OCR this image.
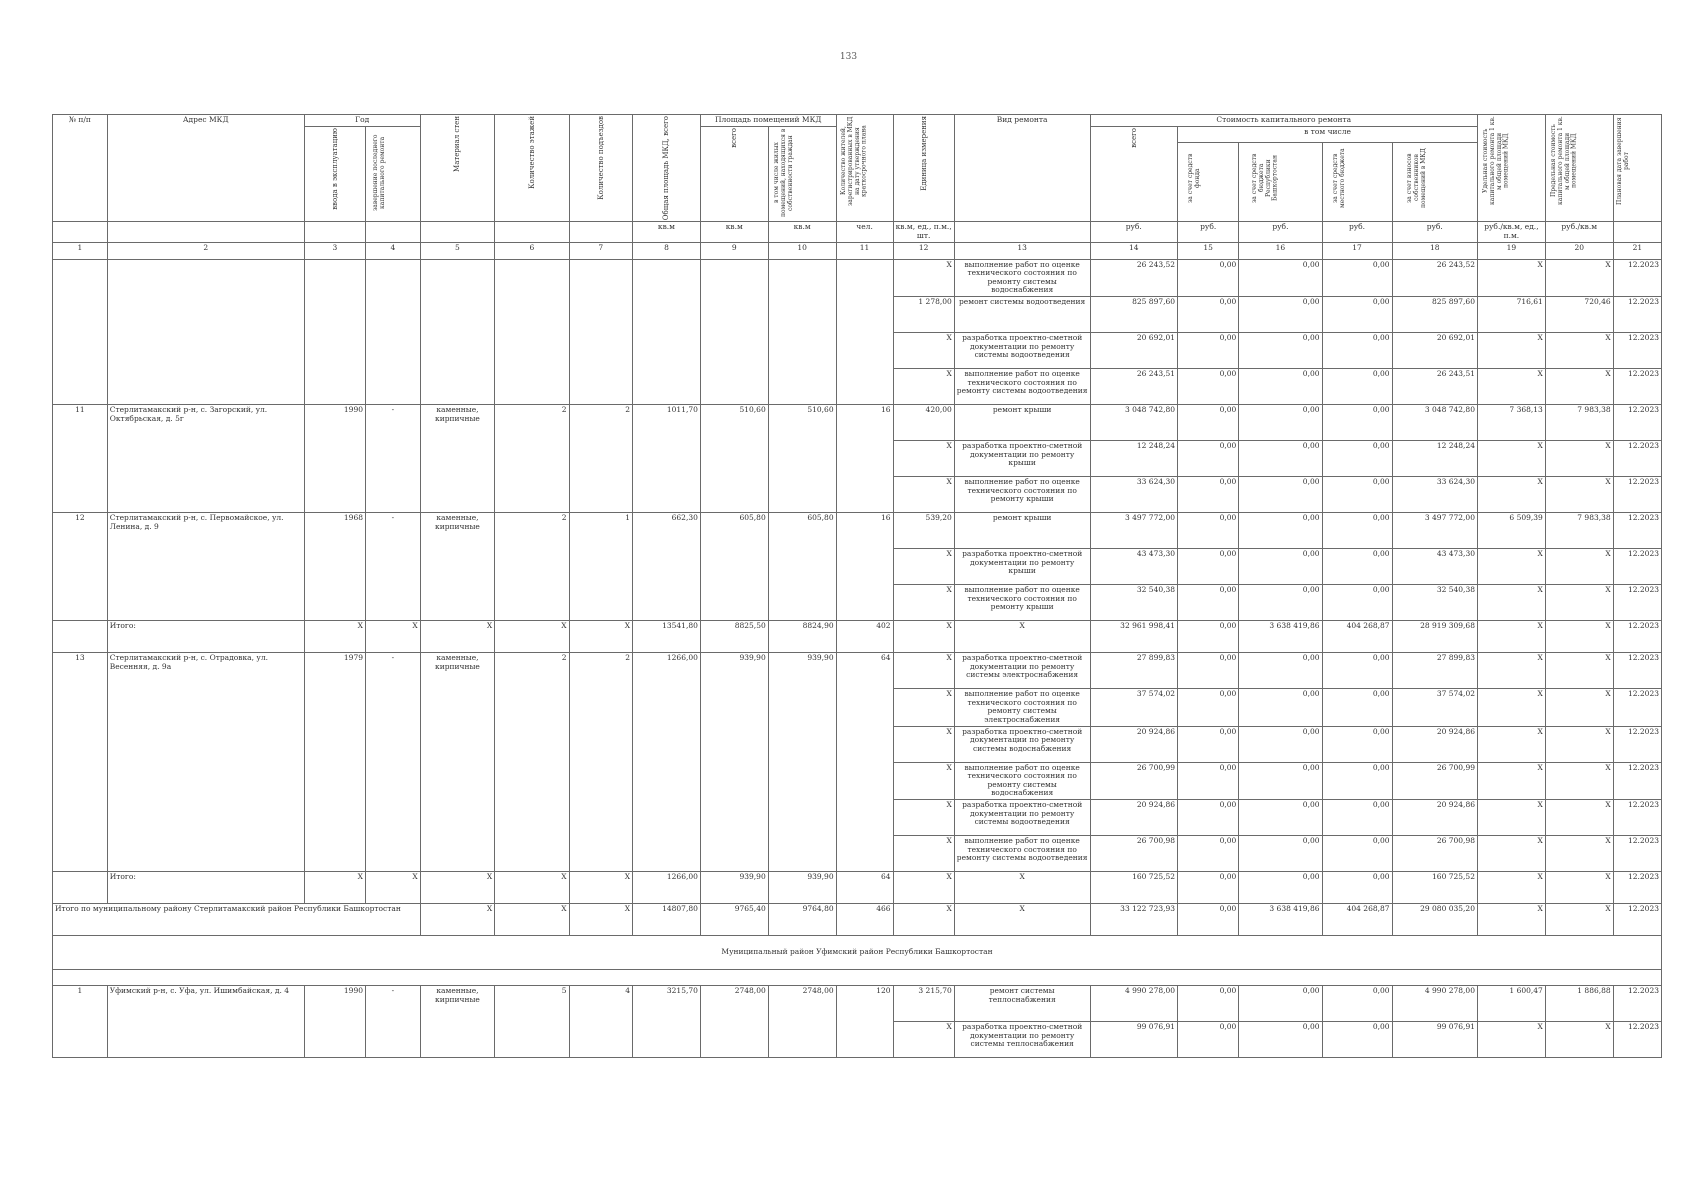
133
№ п/п	Адрес МКД	Год		Материал стен	Количество этажей	Количество подъездов	Общая площадь МКД, всего	Площадь помещений МКД		Количество жителей, зарегистрированных в МКД на дату утверждения краткосрочного плана	Единица измерения	Вид ремонта	Стоимость капитального ремонта					Удельная стоимость капитального ремонта 1 кв. м общей площади помещений МКД	Предельная стоимость капитального ремонта 1 кв. м общей площади помещений МКД	Плановая дата завершения работ

		ввода в эксплуатацию	завершение последнего капитального ремонта					всего	в том числе жилых помещений, находящихся в собственности граждан				всего	в том числе						

														за счет средств фонда	за счет средств бюджета Республики Башкортостан	за счет средств местного бюджета	за счет взносов собственников помещений в МКД			

							кв.м	кв.м	кв.м	чел.	кв.м, ед., п.м., шт.		руб.	руб.	руб.	руб.	руб.	руб./кв.м, ед., п.м.	руб./кв.м	
1	2	3	4	5	6	7	8	9	10	11	12	13	14	15	16	17	18	19	20	21
											X	выполнение работ по оценке технического состояния по ремонту системы водоснабжения	26 243,52	0,00	0,00	0,00	26 243,52	X	X	12.2023
											1 278,00	ремонт системы водоотведения	825 897,60	0,00	0,00	0,00	825 897,60	716,61	720,46	12.2023
											X	разработка проектно-сметной документации по ремонту системы водоотведения	20 692,01	0,00	0,00	0,00	20 692,01	X	X	12.2023
											X	выполнение работ по оценке технического состояния по ремонту системы водоотведения	26 243,51	0,00	0,00	0,00	26 243,51	X	X	12.2023
11	Стерлитамакский р-н, с. Загорский, ул. Октябрьская, д. 5г	1990	-	каменные, кирпичные	2	2	1011,70	510,60	510,60	16	420,00	ремонт крыши	3 048 742,80	0,00	0,00	0,00	3 048 742,80	7 368,13	7 983,38	12.2023
											X	разработка проектно-сметной документации по ремонту крыши	12 248,24	0,00	0,00	0,00	12 248,24	X	X	12.2023
											X	выполнение работ по оценке технического состояния по ремонту крыши	33 624,30	0,00	0,00	0,00	33 624,30	X	X	12.2023
12	Стерлитамакский р-н, с. Первомайское, ул. Ленина, д. 9	1968	-	каменные, кирпичные	2	1	662,30	605,80	605,80	16	539,20	ремонт крыши	3 497 772,00	0,00	0,00	0,00	3 497 772,00	6 509,39	7 983,38	12.2023
											X	разработка проектно-сметной документации по ремонту крыши	43 473,30	0,00	0,00	0,00	43 473,30	X	X	12.2023
											X	выполнение работ по оценке технического состояния по ремонту крыши	32 540,38	0,00	0,00	0,00	32 540,38	X	X	12.2023
	Итого:	X	X	X	X	X	13541,80	8825,50	8824,90	402	X	X	32 961 998,41	0,00	3 638 419,86	404 268,87	28 919 309,68	X	X	12.2023
13	Стерлитамакский р-н, с. Отрадовка, ул. Весенняя, д. 9а	1979	-	каменные, кирпичные	2	2	1266,00	939,90	939,90	64	X	разработка проектно-сметной документации по ремонту системы электроснабжения	27 899,83	0,00	0,00	0,00	27 899,83	X	X	12.2023
											X	выполнение работ по оценке технического состояния по ремонту системы электроснабжения	37 574,02	0,00	0,00	0,00	37 574,02	X	X	12.2023
											X	разработка проектно-сметной документации по ремонту системы водоснабжения	20 924,86	0,00	0,00	0,00	20 924,86	X	X	12.2023
											X	выполнение работ по оценке технического состояния по ремонту системы водоснабжения	26 700,99	0,00	0,00	0,00	26 700,99	X	X	12.2023
											X	разработка проектно-сметной документации по ремонту системы водоотведения	20 924,86	0,00	0,00	0,00	20 924,86	X	X	12.2023
											X	выполнение работ по оценке технического состояния по ремонту системы водоотведения	26 700,98	0,00	0,00	0,00	26 700,98	X	X	12.2023
	Итого:	X	X	X	X	X	1266,00	939,90	939,90	64	X	X	160 725,52	0,00	0,00	0,00	160 725,52	X	X	12.2023
Итого по муниципальному району Стерлитамакский район Республики Башкортостан				X	X	X	14807,80	9765,40	9764,80	466	X	X	33 122 723,93	0,00	3 638 419,86	404 268,87	29 080 035,20	X	X	12.2023
Муниципальный район Уфимский район Республики Башкортостан																				

1	Уфимский р-н, с. Уфа, ул. Ишимбайская, д. 4	1990	-	каменные, кирпичные	5	4	3215,70	2748,00	2748,00	120	3 215,70	ремонт системы теплоснабжения	4 990 278,00	0,00	0,00	0,00	4 990 278,00	1 600,47	1 886,88	12.2023
											X	разработка проектно-сметной документации по ремонту системы теплоснабжения	99 076,91	0,00	0,00	0,00	99 076,91	X	X	12.2023
